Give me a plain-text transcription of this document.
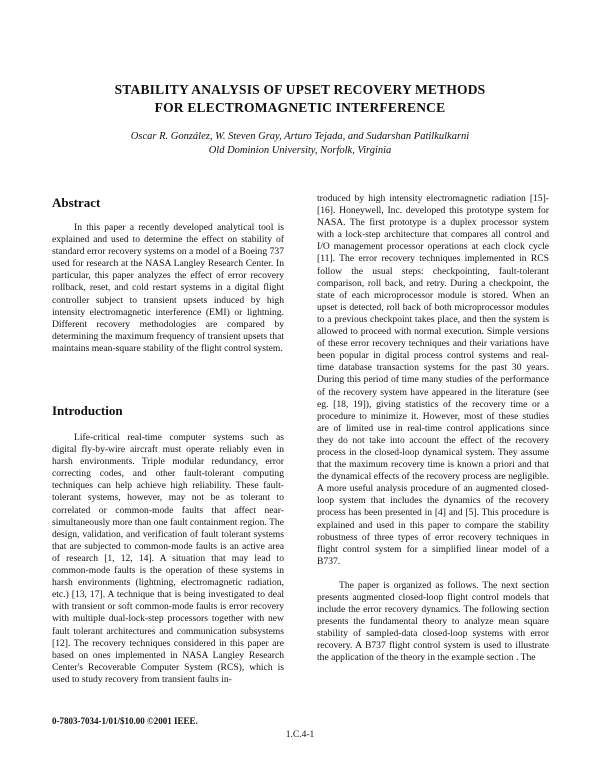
STABILITY ANALYSIS OF UPSET RECOVERY METHODS
FOR ELECTROMAGNETIC INTERFERENCE
Oscar R. González, W. Steven Gray, Arturo Tejada, and Sudarshan Patilkulkarni
Old Dominion University, Norfolk, Virginia
Abstract

In this paper a recently developed analytical tool is explained and used to determine the effect on stability of standard error recovery systems on a model of a Boeing 737 used for research at the NASA Langley Research Center. In particular, this paper analyzes the effect of error recovery rollback, reset, and cold restart systems in a digital flight controller subject to transient upsets induced by high intensity electromagnetic interference (EMI) or lightning. Different recovery methodologies are compared by determining the maximum frequency of transient upsets that maintains mean-square stability of the flight control system.

Introduction

Life-critical real-time computer systems such as digital fly-by-wire aircraft must operate reliably even in harsh environments. Triple modular redundancy, error correcting codes, and other fault-tolerant computing techniques can help achieve high reliability. These fault-tolerant systems, however, may not be as tolerant to correlated or common-mode faults that affect near-simultaneously more than one fault containment region. The design, validation, and verification of fault tolerant systems that are subjected to common-mode faults is an active area of research [1, 12, 14]. A situation that may lead to common-mode faults is the operation of these systems in harsh environments (lightning, electromagnetic radiation, etc.) [13, 17]. A technique that is being investigated to deal with transient or soft common-mode faults is error recovery with multiple dual-lock-step processors together with new fault tolerant architectures and communication subsystems [12]. The recovery techniques considered in this paper are based on ones implemented in NASA Langley Research Center's Recoverable Computer System (RCS), which is used to study recovery from transient faults in-

troduced by high intensity electromagnetic radiation [15]-[16]. Honeywell, Inc. developed this prototype system for NASA. The first prototype is a duplex processor system with a lock-step architecture that compares all control and I/O management processor operations at each clock cycle [11]. The error recovery techniques implemented in RCS follow the usual steps: checkpointing, fault-tolerant comparison, roll back, and retry. During a checkpoint, the state of each microprocessor module is stored. When an upset is detected, roll back of both microprocessor modules to a previous checkpoint takes place, and then the system is allowed to proceed with normal execution. Simple versions of these error recovery techniques and their variations have been popular in digital process control systems and real-time database transaction systems for the past 30 years. During this period of time many studies of the performance of the recovery system have appeared in the literature (see eg. [18, 19]), giving statistics of the recovery time or a procedure to minimize it. However, most of these studies are of limited use in real-time control applications since they do not take into account the effect of the recovery process in the closed-loop dynamical system. They assume that the maximum recovery time is known a priori and that the dynamical effects of the recovery process are negligible. A more useful analysis procedure of an augmented closed-loop system that includes the dynamics of the recovery process has been presented in [4] and [5]. This procedure is explained and used in this paper to compare the stability robustness of three types of error recovery techniques in flight control system for a simplified linear model of a B737.

The paper is organized as follows. The next section presents augmented closed-loop flight control models that include the error recovery dynamics. The following section presents the fundamental theory to analyze mean square stability of sampled-data closed-loop systems with error recovery. A B737 flight control system is used to illustrate the application of the theory in the example section . The

0-7803-7034-1/01/$10.00 ©2001 IEEE.
1.C.4-1
